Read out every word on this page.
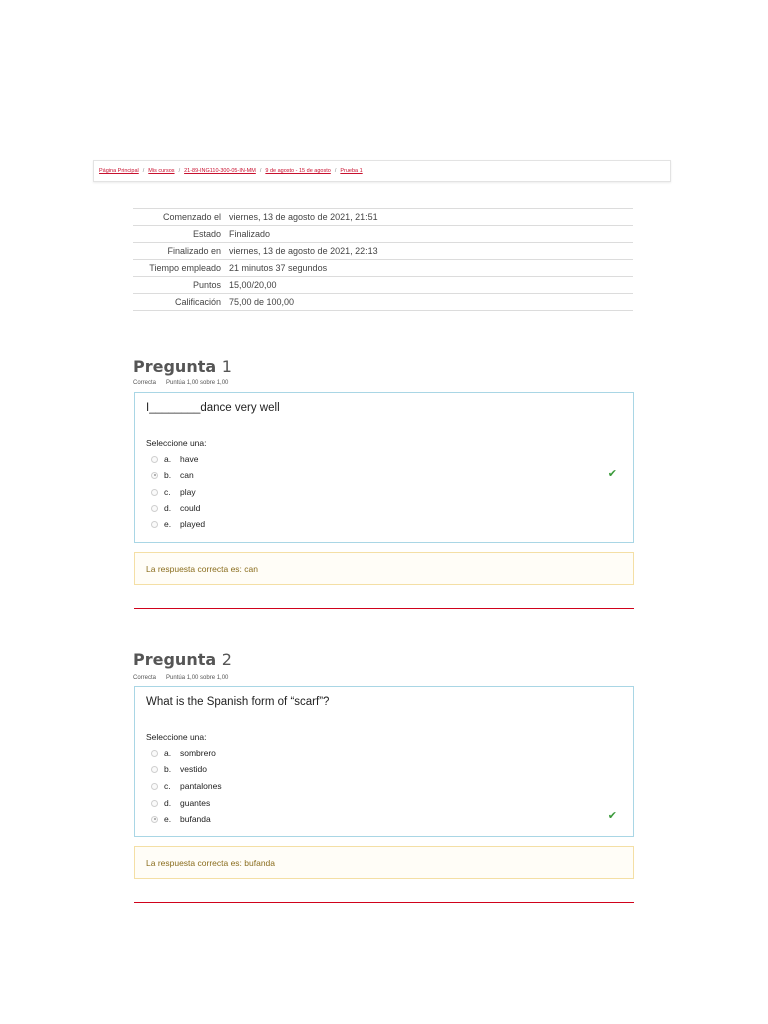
Página Principal / Mis cursos / 21-89-ING110-300-05-IN-MM / 9 de agosto - 15 de agosto / Prueba 1
Comenzado el	viernes, 13 de agosto de 2021, 21:51
Estado	Finalizado
Finalizado en	viernes, 13 de agosto de 2021, 22:13
Tiempo empleado	21 minutos 37 segundos
Puntos	15,00/20,00
Calificación	75,00 de 100,00
Pregunta 1
Correcta Puntúa 1,00 sobre 1,00
I________dance very well
Seleccione una:
a.	have
b.	can
c.	play
d.	could
e.	played
✔
La respuesta correcta es: can
Pregunta 2
Correcta Puntúa 1,00 sobre 1,00
What is the Spanish form of “scarf”?
Seleccione una:
a.	sombrero
b.	vestido
c.	pantalones
d.	guantes
e.	bufanda	✔
La respuesta correcta es: bufanda
